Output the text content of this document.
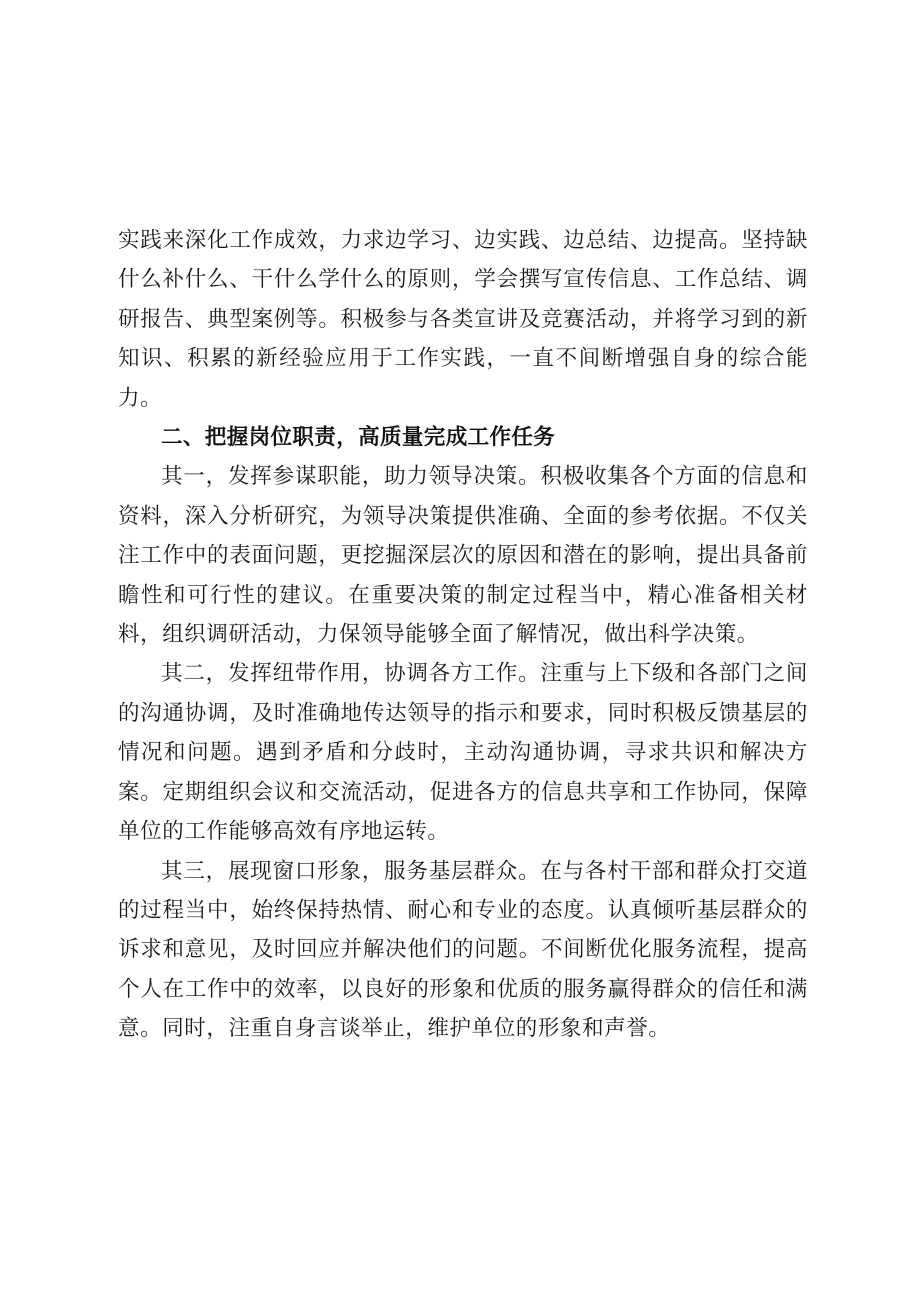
实践来深化工作成效，力求边学习、边实践、边总结、边提高。坚持缺什么补什么、干什么学什么的原则，学会撰写宣传信息、工作总结、调研报告、典型案例等。积极参与各类宣讲及竞赛活动，并将学习到的新知识、积累的新经验应用于工作实践，一直不间断增强自身的综合能力。

二、把握岗位职责，高质量完成工作任务

其一，发挥参谋职能，助力领导决策。积极收集各个方面的信息和资料，深入分析研究，为领导决策提供准确、全面的参考依据。不仅关注工作中的表面问题，更挖掘深层次的原因和潜在的影响，提出具备前瞻性和可行性的建议。在重要决策的制定过程当中，精心准备相关材料，组织调研活动，力保领导能够全面了解情况，做出科学决策。

其二，发挥纽带作用，协调各方工作。注重与上下级和各部门之间的沟通协调，及时准确地传达领导的指示和要求，同时积极反馈基层的情况和问题。遇到矛盾和分歧时，主动沟通协调，寻求共识和解决方案。定期组织会议和交流活动，促进各方的信息共享和工作协同，保障单位的工作能够高效有序地运转。

其三，展现窗口形象，服务基层群众。在与各村干部和群众打交道的过程当中，始终保持热情、耐心和专业的态度。认真倾听基层群众的诉求和意见，及时回应并解决他们的问题。不间断优化服务流程，提高个人在工作中的效率，以良好的形象和优质的服务赢得群众的信任和满意。同时，注重自身言谈举止，维护单位的形象和声誉。
